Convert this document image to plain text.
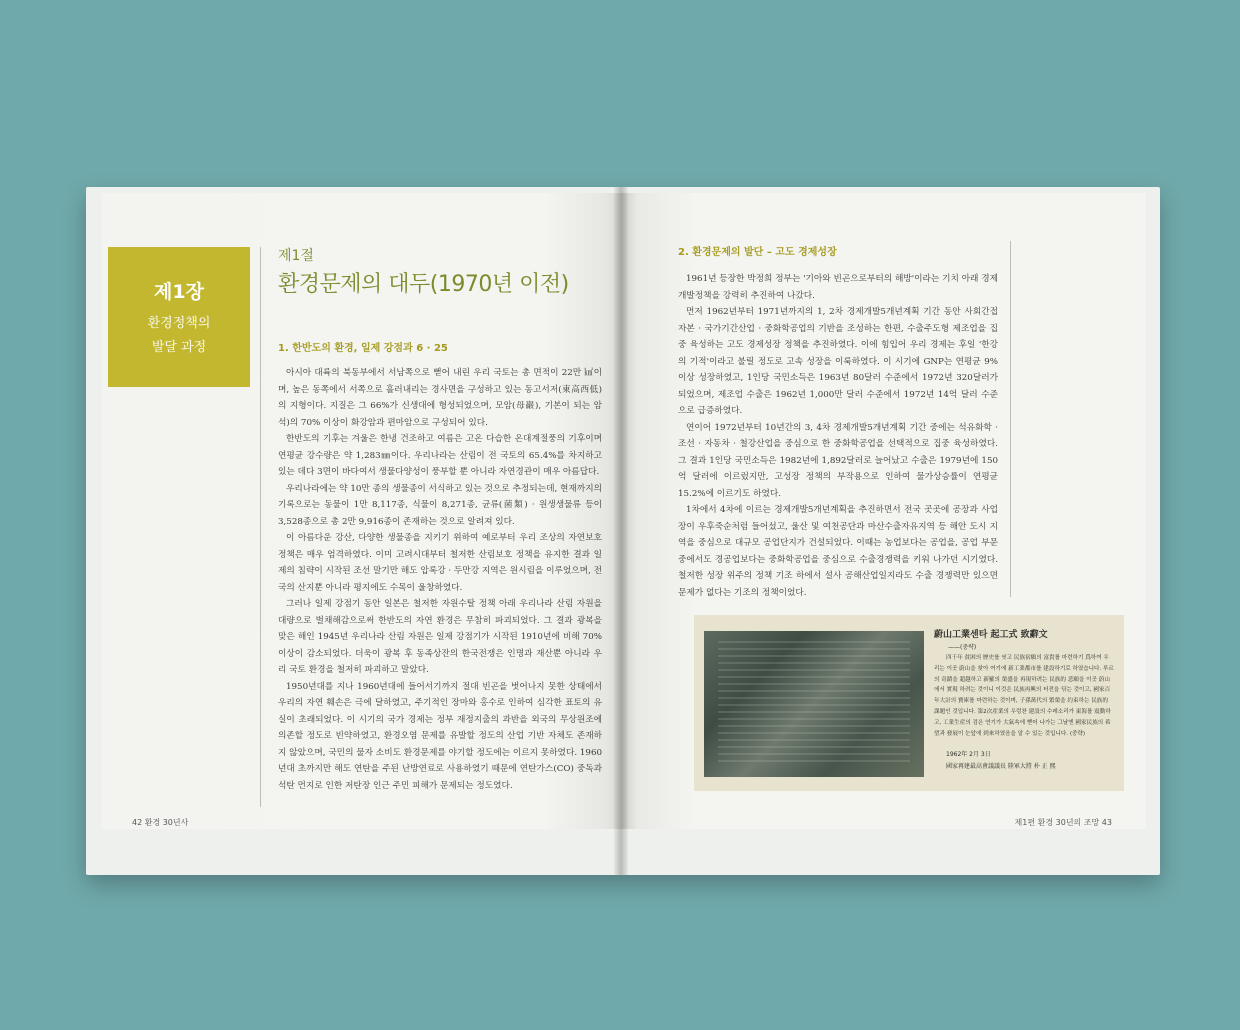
제1장
환경정책의
발달 과정
제1절
환경문제의 대두(1970년 이전)
1. 한반도의 환경, 일제 강점과 6 · 25

아시아 대륙의 북동부에서 서남쪽으로 뻗어 내린 우리 국토는 총 면적이 22만 ㎢이며, 높은 동쪽에서 서쪽으로 흘러내리는 경사면을 구성하고 있는 동고서저(東高西低)의 지형이다. 지질은 그 66%가 신생대에 형성되었으며, 모암(母巖), 기본이 되는 암석)의 70% 이상이 화강암과 편마암으로 구성되어 있다.

한반도의 기후는 겨울은 한냉 건조하고 여름은 고온 다습한 온대계절풍의 기후이며 연평균 강수량은 약 1,283㎜이다. 우리나라는 산림이 전 국토의 65.4%를 차지하고 있는 데다 3면이 바다여서 생물다양성이 풍부할 뿐 아니라 자연경관이 매우 아름답다.

우리나라에는 약 10만 종의 생물종이 서식하고 있는 것으로 추정되는데, 현재까지의 기록으로는 동물이 1만 8,117종, 식물이 8,271종, 균류(菌類) · 원생생물류 등이 3,528종으로 총 2만 9,916종이 존재하는 것으로 알려져 있다.

이 아름다운 강산, 다양한 생물종을 지키기 위하여 예로부터 우리 조상의 자연보호 정책은 매우 엄격하였다. 이미 고려시대부터 철저한 산림보호 정책을 유지한 결과 일제의 침략이 시작된 조선 말기만 해도 압록강 · 두만강 지역은 원시림을 이루었으며, 전국의 산지뿐 아니라 평지에도 수목이 울창하였다.

그러나 일제 강점기 동안 일본은 철저한 자원수탈 정책 아래 우리나라 산림 자원을 대량으로 벌채해감으로써 한반도의 자연 환경은 무참히 파괴되었다. 그 결과 광복을 맞은 해인 1945년 우리나라 산림 자원은 일제 강점기가 시작된 1910년에 비해 70% 이상이 감소되었다. 더욱이 광복 후 동족상잔의 한국전쟁은 인명과 재산뿐 아니라 우리 국토 환경을 철저히 파괴하고 말았다.

1950년대를 지나 1960년대에 들어서기까지 절대 빈곤을 벗어나지 못한 상태에서 우리의 자연 훼손은 극에 달하였고, 주기적인 장마와 홍수로 인하여 심각한 표토의 유실이 초래되었다. 이 시기의 국가 경제는 정부 재정지출의 과반을 외국의 무상원조에 의존할 정도로 빈약하였고, 환경오염 문제를 유발할 정도의 산업 기반 자체도 존재하지 않았으며, 국민의 물자 소비도 환경문제를 야기할 정도에는 이르지 못하였다. 1960년대 초까지만 해도 연탄을 주된 난방연료로 사용하였기 때문에 연탄가스(CO) 중독과 석탄 먼지로 인한 저탄장 인근 주민 피해가 문제되는 정도였다.

42 환경 30년사
2. 환경문제의 발단 – 고도 경제성장

1961년 등장한 박정희 정부는 '기아와 빈곤으로부터의 해방'이라는 기치 아래 경제개발정책을 강력히 추진하여 나갔다.

먼저 1962년부터 1971년까지의 1, 2차 경제개발5개년계획 기간 동안 사회간접자본 · 국가기간산업 · 중화학공업의 기반을 조성하는 한편, 수출주도형 제조업을 집중 육성하는 고도 경제성장 정책을 추진하였다. 이에 힘입어 우리 경제는 후일 '한강의 기적'이라고 불릴 정도로 고속 성장을 이룩하였다. 이 시기에 GNP는 연평균 9% 이상 성장하였고, 1인당 국민소득은 1963년 80달러 수준에서 1972년 320달러가 되었으며, 제조업 수출은 1962년 1,000만 달러 수준에서 1972년 14억 달러 수준으로 급증하였다.

연이어 1972년부터 10년간의 3, 4차 경제개발5개년계획 기간 중에는 석유화학 · 조선 · 자동차 · 철강산업을 중심으로 한 중화학공업을 선택적으로 집중 육성하였다. 그 결과 1인당 국민소득은 1982년에 1,892달러로 늘어났고 수출은 1979년에 150억 달러에 이르렀지만, 고성장 정책의 부작용으로 인하여 물가상승률이 연평균 15.2%에 이르기도 하였다.

1차에서 4차에 이르는 경제개발5개년계획을 추진하면서 전국 곳곳에 공장과 사업장이 우후죽순처럼 들어섰고, 울산 및 여천공단과 마산수출자유지역 등 해안 도시 지역을 중심으로 대규모 공업단지가 건설되었다. 이때는 농업보다는 공업을, 공업 부문 중에서도 경공업보다는 중화학공업을 중심으로 수출경쟁력을 키워 나가던 시기였다. 철저한 성장 위주의 정책 기조 하에서 설사 공해산업일지라도 수출 경쟁력만 있으면 문제가 없다는 기조의 정책이었다.

蔚山工業센타 起工式 致辭文
——(중략)
四千年 貧困의 歷史를 씻고 民族宿願의 富貴를 마련하기 爲하여 우리는 이곳 蔚山을 찾아 여기에 新工業都市를 建設하기로 하였습니다. 루르의 奇蹟을 超越하고 新羅의 榮盛을 再現하려는 民族的 悲願을 이곳 蔚山에서 實現 하려는 것이니 이것은 民族再興의 터전을 닦는 것이고, 國家百年大計의 寶庫를 마련하는 것이며, 子孫萬代의 繁榮을 約束하는 民族的 課題인 것입니다. 第2次産業의 우렁찬 建設의 수레소리가 東海를 震動하고, 工業生産의 검은 연기가 大氣속에 뻗어 나가는 그날엔 國家民族의 希望과 發展이 눈앞에 到來하였음을 알 수 있는 것입니다. (중략)
1962年 2月 3日
國家再建最高會議議長 陸軍大將 朴 正 熙
제1편 환경 30년의 조망 43
